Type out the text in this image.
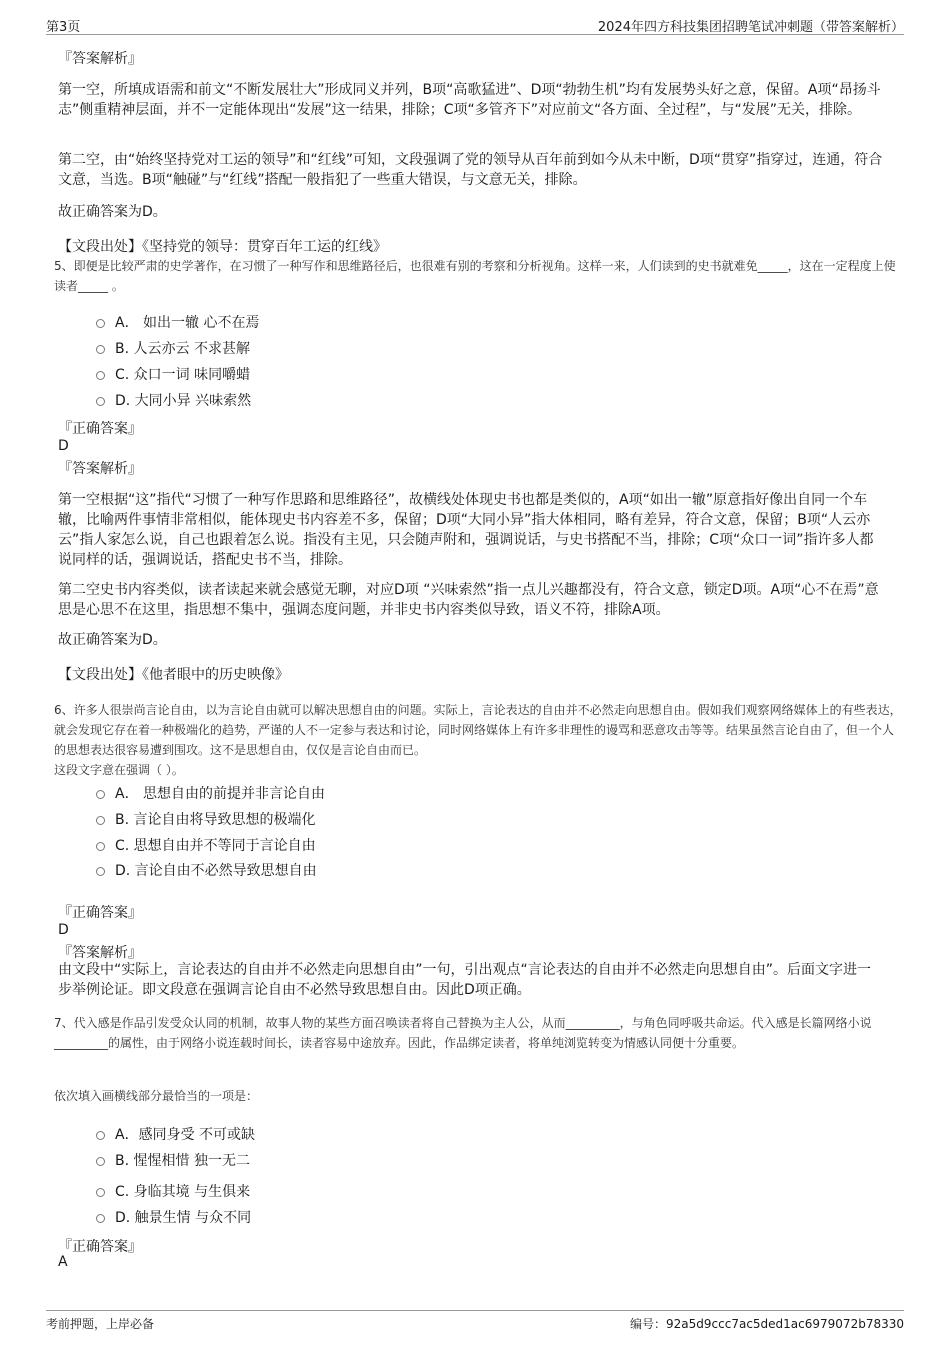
第3页	2024年四方科技集团招聘笔试冲刺题（带答案解析）
『答案解析』
第一空，所填成语需和前文“不断发展壮大”形成同义并列，B项“高歌猛进”、D项“勃勃生机”均有发展势头好之意，保留。A项“昂扬斗志”侧重精神层面，并不一定能体现出“发展”这一结果，排除；C项“多管齐下”对应前文“各方面、全过程”，与“发展”无关，排除。
第二空，由“始终坚持党对工运的领导”和“红线”可知，文段强调了党的领导从百年前到如今从未中断，D项“贯穿”指穿过，连通，符合文意，当选。B项“触碰”与“红线”搭配一般指犯了一些重大错误，与文意无关，排除。
故正确答案为D。
【文段出处】《坚持党的领导：贯穿百年工运的红线》
5、即便是比较严肃的史学著作，在习惯了一种写作和思维路径后，也很难有别的考察和分析视角。这样一来，人们读到的史书就难免_____，这在一定程度上使读者_____ 。
A． 如出一辙 心不在焉
B. 人云亦云 不求甚解
C. 众口一词 味同嚼蜡
D. 大同小异 兴味索然
『正确答案』
D
『答案解析』
第一空根据“这”指代“习惯了一种写作思路和思维路径”，故横线处体现史书也都是类似的，A项“如出一辙”原意指好像出自同一个车辙，比喻两件事情非常相似，能体现史书内容差不多，保留；D项“大同小异”指大体相同，略有差异，符合文意，保留；B项“人云亦云”指人家怎么说，自己也跟着怎么说。指没有主见，只会随声附和，强调说话，与史书搭配不当，排除；C项“众口一词”指许多人都说同样的话，强调说话，搭配史书不当，排除。
第二空史书内容类似，读者读起来就会感觉无聊，对应D项 “兴味索然”指一点儿兴趣都没有，符合文意，锁定D项。A项“心不在焉”意思是心思不在这里，指思想不集中，强调态度问题，并非史书内容类似导致，语义不符，排除A项。
故正确答案为D。
【文段出处】《他者眼中的历史映像》
6、许多人很崇尚言论自由，以为言论自由就可以解决思想自由的问题。实际上，言论表达的自由并不必然走向思想自由。假如我们观察网络媒体上的有些表达，就会发现它存在着一种极端化的趋势，严谨的人不一定参与表达和讨论，同时网络媒体上有许多非理性的谩骂和恶意攻击等等。结果虽然言论自由了，但一个人的思想表达很容易遭到围攻。这不是思想自由，仅仅是言论自由而已。
这段文字意在强调（ ）。
A． 思想自由的前提并非言论自由
B. 言论自由将导致思想的极端化
C. 思想自由并不等同于言论自由
D. 言论自由不必然导致思想自由
『正确答案』
D
『答案解析』
由文段中“实际上，言论表达的自由并不必然走向思想自由”一句，引出观点“言论表达的自由并不必然走向思想自由”。后面文字进一步举例论证。即文段意在强调言论自由不必然导致思想自由。因此D项正确。
7、代入感是作品引发受众认同的机制，故事人物的某些方面召唤读者将自己替换为主人公，从而_________，与角色同呼吸共命运。代入感是长篇网络小说_________的属性，由于网络小说连载时间长，读者容易中途放弃。因此，作品绑定读者，将单纯浏览转变为情感认同便十分重要。
依次填入画横线部分最恰当的一项是：
A．感同身受 不可或缺
B. 惺惺相惜 独一无二
C. 身临其境 与生俱来
D. 触景生情 与众不同
『正确答案』
A
考前押题，上岸必备	编号：92a5d9ccc7ac5ded1ac6979072b78330
